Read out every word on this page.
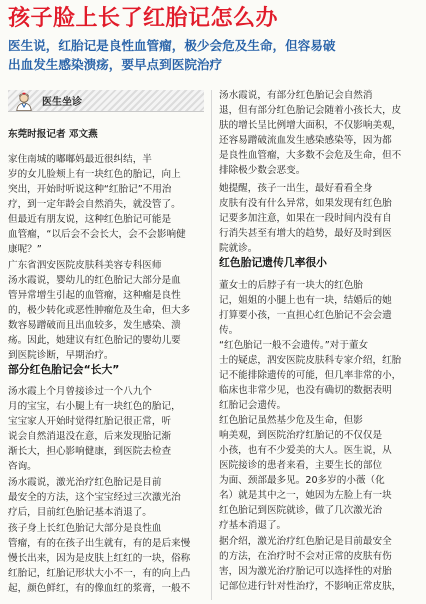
孩子脸上长了红胎记怎么办
医生说，红胎记是良性血管瘤，极少会危及生命，但容易破
出血发生感染溃疡，要早点到医院治疗
医生坐诊
东莞时报记者 邓文燕
家住南城的嘟嘟妈最近很纠结，半
岁的女儿脸颊上有一块红色的胎记，向上
突出，开始时听说这种“红胎记”不用治
疗，到一定年龄会自然消失，就没管了。
但最近有朋友说，这种红色胎记可能是
血管瘤，“以后会不会长大，会不会影响健
康呢？”
广东省泗安医院皮肤科美容专科医师
汤水霞说，婴幼儿的红色胎记大部分是血
管异常增生引起的血管瘤，这种瘤是良性
的，极少转化或恶性肿瘤危及生命，但大多
数容易蹭破而且出血较多，发生感染、溃
疡。因此，她建议有红色胎记的婴幼儿要
到医院诊断，早期治疗。
部分红色胎记会“长大”
汤水霞上个月曾接诊过一个八九个
月的宝宝，右小腿上有一块红色的胎记，
宝宝家人开始时觉得红胎记很正常，听
说会自然消退没在意，后来发现胎记渐
渐长大，担心影响健康，到医院去检查
咨询。
汤水霞说，激光治疗红色胎记是目前
最安全的方法，这个宝宝经过三次激光治
疗后，目前红色胎记基本消退了。
孩子身上长红色胎记大部分是良性血
管瘤，有的在孩子出生就有，有的是后来慢
慢长出来，因为是皮肤上红红的一块，俗称
红胎记，红胎记形状大小不一，有的向上凸
起，颜色鲜红，有的像血红的浆膏，一般不
汤水霞说，有部分红色胎记会自然消
退，但有部分红色胎记会随着小孩长大，皮
肤的增长呈比例增大面积，不仅影响美观，
还容易蹭破流血发生感染感染等，因为都
是良性血管瘤，大多数不会危及生命，但不
排除极少数会恶变。
她提醒，孩子一出生，最好看看全身
皮肤有没有什么异常，如果发现有红色胎
记要多加注意，如果在一段时间内没有自
行消失甚至有增大的趋势，最好及时到医
院就诊。
红色胎记遗传几率很小
董女士的后脖子有一块大的红色胎
记，姐姐的小腿上也有一块，结婚后的她
打算要小孩，一直担心红色胎记不会会遗
传。
“红色胎记一般不会遗传。”对于董女
士的疑虑，泗安医院皮肤科专家介绍，红胎
记不能排除遗传的可能，但几率非常的小，
临床也非常少见，也没有确切的数据表明
红胎记会遗传。
红色胎记虽然基少危及生命，但影
响美观，到医院治疗红胎记的不仅仅是
小孩，也有不少爱美的大人。医生说，从
医院接诊的患者来看，主要生长的部位
为面、颈部最多见。20多岁的小薇（化
名）就是其中之一，她因为左脸上有一块
红色胎记到医院就诊，做了几次激光治
疗基本消退了。
据介绍，激光治疗红色胎记是目前最安全
的方法，在治疗时不会对正常的皮肤有伤
害，因为激光治疗胎记可以选择性的对胎
记部位进行针对性治疗，不影响正常皮肤，
